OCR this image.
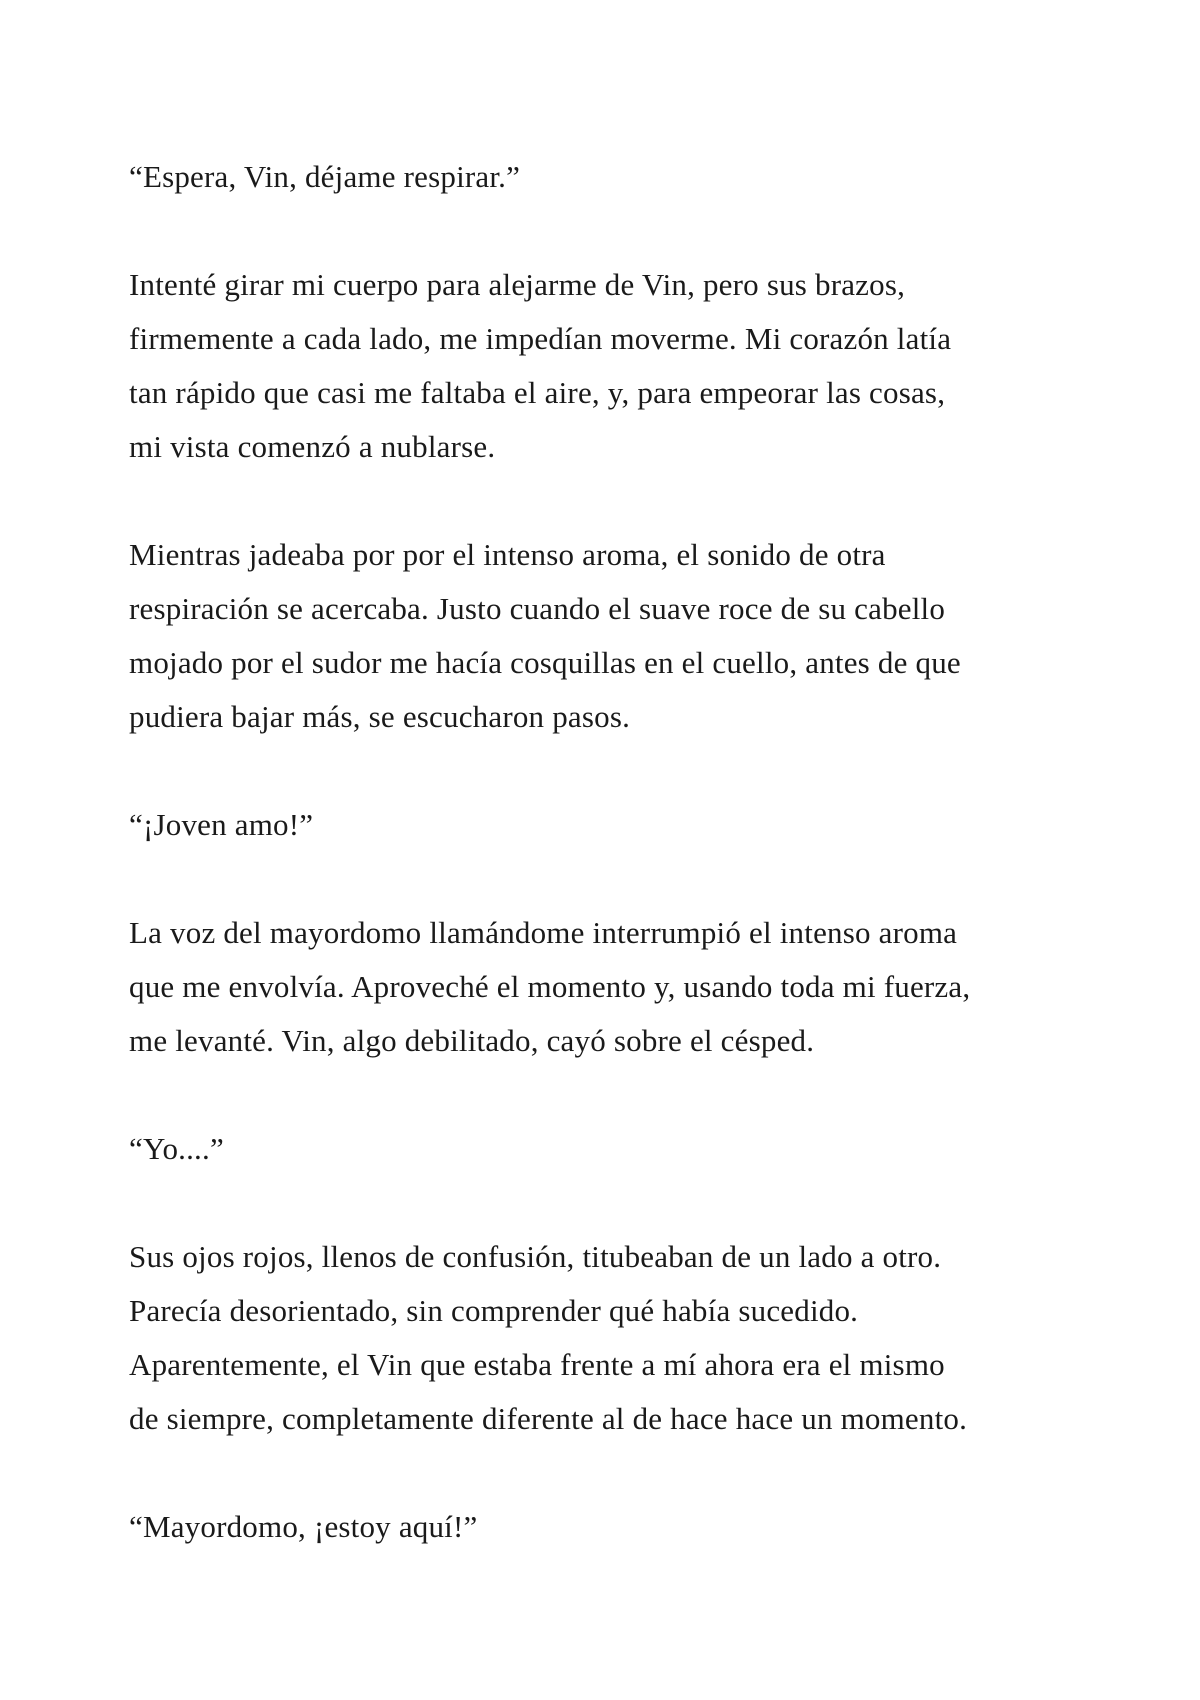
“Espera, Vin, déjame respirar.”

Intenté girar mi cuerpo para alejarme de Vin, pero sus brazos,
firmemente a cada lado, me impedían moverme. Mi corazón latía
tan rápido que casi me faltaba el aire, y, para empeorar las cosas,
mi vista comenzó a nublarse.

Mientras jadeaba por por el intenso aroma, el sonido de otra
respiración se acercaba. Justo cuando el suave roce de su cabello
mojado por el sudor me hacía cosquillas en el cuello, antes de que
pudiera bajar más, se escucharon pasos.

“¡Joven amo!”

La voz del mayordomo llamándome interrumpió el intenso aroma
que me envolvía. Aproveché el momento y, usando toda mi fuerza,
me levanté. Vin, algo debilitado, cayó sobre el césped.

“Yo....”

Sus ojos rojos, llenos de confusión, titubeaban de un lado a otro.
Parecía desorientado, sin comprender qué había sucedido.
Aparentemente, el Vin que estaba frente a mí ahora era el mismo
de siempre, completamente diferente al de hace hace un momento.

“Mayordomo, ¡estoy aquí!”
